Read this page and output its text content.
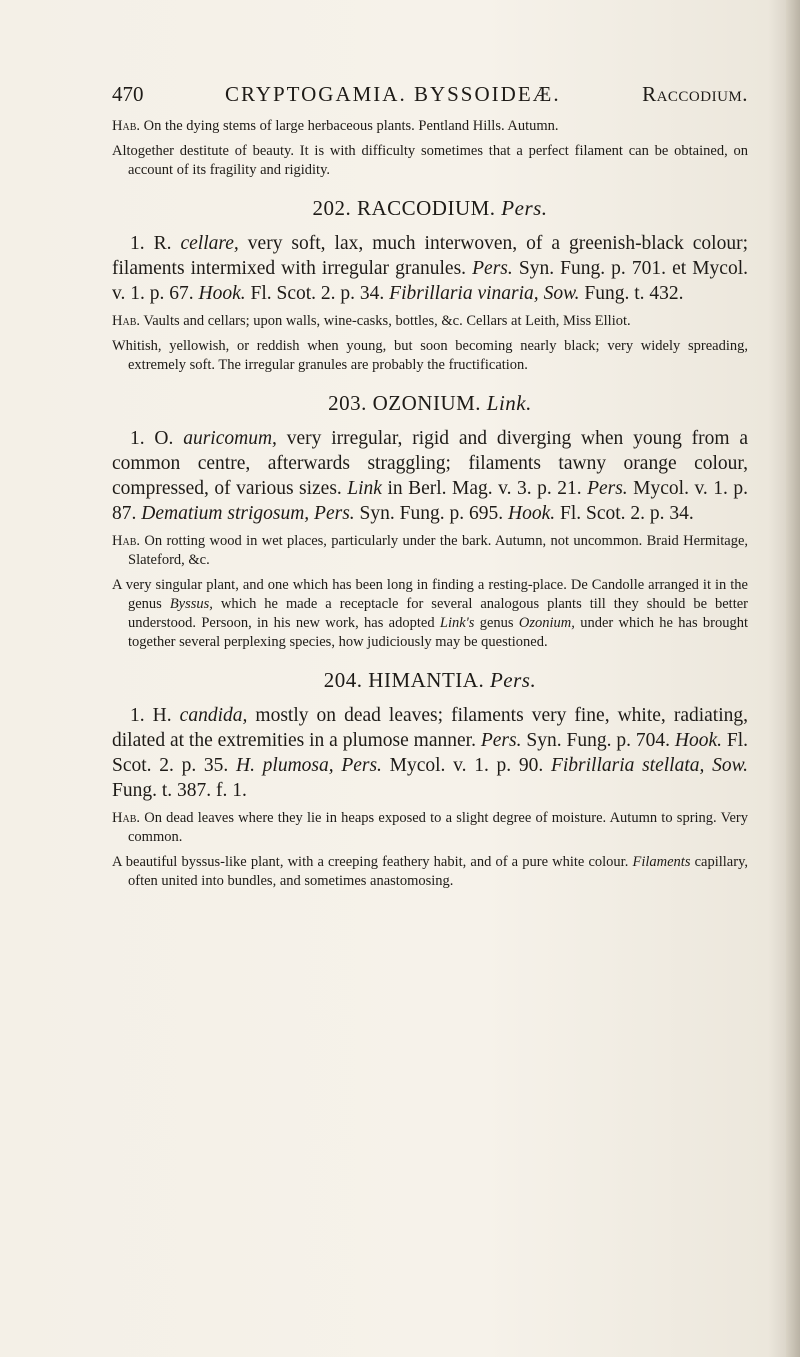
470	CRYPTOGAMIA. BYSSOIDEÆ.	Raccodium.

Hab. On the dying stems of large herbaceous plants. Pentland Hills. Autumn.

Altogether destitute of beauty. It is with difficulty sometimes that a perfect filament can be obtained, on account of its fragility and rigidity.

202. RACCODIUM. Pers.

1. R. cellare, very soft, lax, much interwoven, of a greenish-black colour; filaments intermixed with irregular granules. Pers. Syn. Fung. p. 701. et Mycol. v. 1. p. 67. Hook. Fl. Scot. 2. p. 34. Fibrillaria vinaria, Sow. Fung. t. 432.

Hab. Vaults and cellars; upon walls, wine-casks, bottles, &c. Cellars at Leith, Miss Elliot.

Whitish, yellowish, or reddish when young, but soon becoming nearly black; very widely spreading, extremely soft. The irregular granules are probably the fructification.

203. OZONIUM. Link.

1. O. auricomum, very irregular, rigid and diverging when young from a common centre, afterwards straggling; filaments tawny orange colour, compressed, of various sizes. Link in Berl. Mag. v. 3. p. 21. Pers. Mycol. v. 1. p. 87. Dematium strigosum, Pers. Syn. Fung. p. 695. Hook. Fl. Scot. 2. p. 34.

Hab. On rotting wood in wet places, particularly under the bark. Autumn, not uncommon. Braid Hermitage, Slateford, &c.

A very singular plant, and one which has been long in finding a resting-place. De Candolle arranged it in the genus Byssus, which he made a receptacle for several analogous plants till they should be better understood. Persoon, in his new work, has adopted Link's genus Ozonium, under which he has brought together several perplexing species, how judiciously may be questioned.

204. HIMANTIA. Pers.

1. H. candida, mostly on dead leaves; filaments very fine, white, radiating, dilated at the extremities in a plumose manner. Pers. Syn. Fung. p. 704. Hook. Fl. Scot. 2. p. 35. H. plumosa, Pers. Mycol. v. 1. p. 90. Fibrillaria stellata, Sow. Fung. t. 387. f. 1.

Hab. On dead leaves where they lie in heaps exposed to a slight degree of moisture. Autumn to spring. Very common.

A beautiful byssus-like plant, with a creeping feathery habit, and of a pure white colour. Filaments capillary, often united into bundles, and sometimes anastomosing.
